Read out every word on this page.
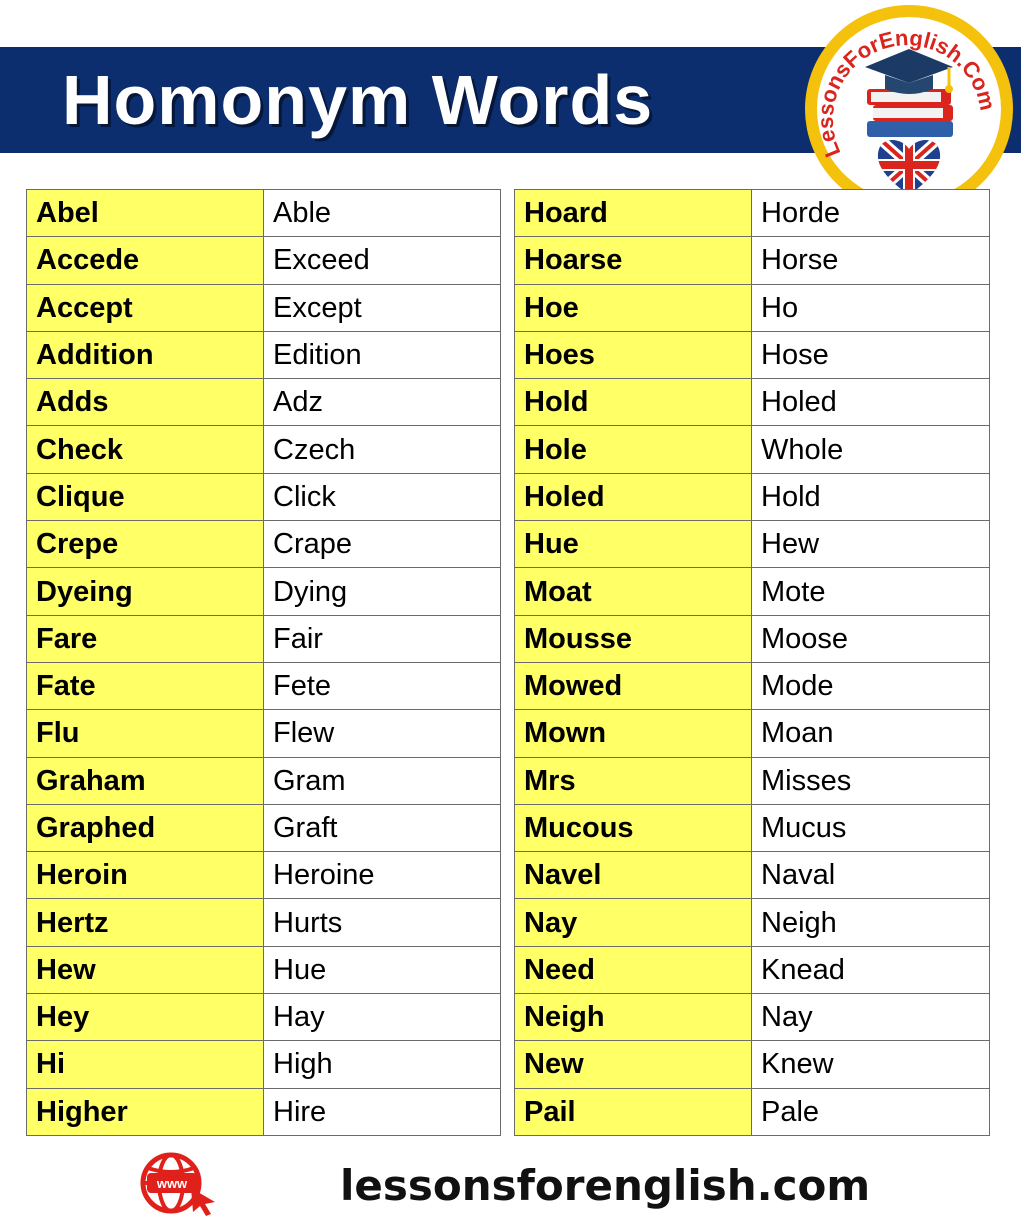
Homonym Words
LessonsForEnglish.Com
Abel	Able
Accede	Exceed
Accept	Except
Addition	Edition
Adds	Adz
Check	Czech
Clique	Click
Crepe	Crape
Dyeing	Dying
Fare	Fair
Fate	Fete
Flu	Flew
Graham	Gram
Graphed	Graft
Heroin	Heroine
Hertz	Hurts
Hew	Hue
Hey	Hay
Hi	High
Higher	Hire
Hoard	Horde
Hoarse	Horse
Hoe	Ho
Hoes	Hose
Hold	Holed
Hole	Whole
Holed	Hold
Hue	Hew
Moat	Mote
Mousse	Moose
Mowed	Mode
Mown	Moan
Mrs	Misses
Mucous	Mucus
Navel	Naval
Nay	Neigh
Need	Knead
Neigh	Nay
New	Knew
Pail	Pale
www	lessonsforenglish.com
